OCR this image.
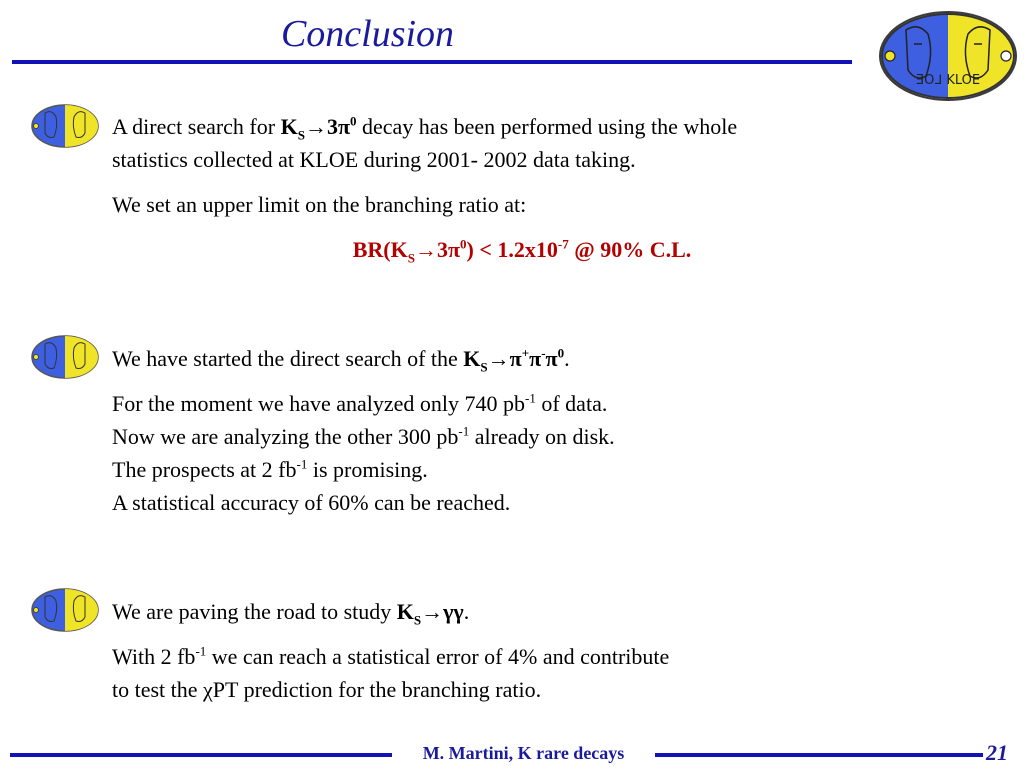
Conclusion
ƎOᒧ KLOE

A direct search for $K_S\to 3\pi^0$ decay has been performed using the whole

statistics collected at KLOE during 2001- 2002 data taking.

We set an upper limit on the branching ratio at:

$BR(K_S\to 3\pi^0) < 1.2x10^{-7}$ @ 90% C.L.

We have started the direct search of the $K_S\to\pi^+\pi^-\pi^0$.

For the moment we have analyzed only 740 $pb^{-1}$ of data.

Now we are analyzing the other 300 $pb^{-1}$ already on disk.

The prospects at 2 $fb^{-1}$ is promising.

A statistical accuracy of 60% can be reached.

We are paving the road to study $K_S\to\gamma\gamma$.

With 2 $fb^{-1}$ we can reach a statistical error of 4% and contribute

to test the χPT prediction for the branching ratio.

M. Martini, K rare decays	21
